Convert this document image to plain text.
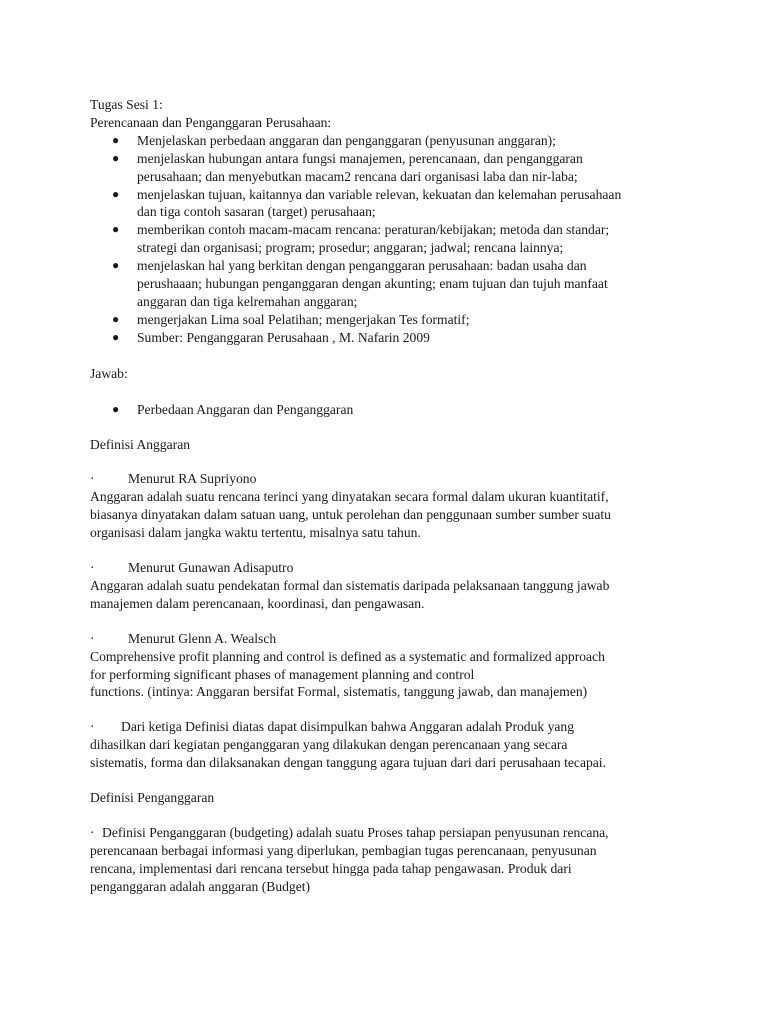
Tugas Sesi 1:
Perencanaan dan Penganggaran Perusahaan:
● Menjelaskan perbedaan anggaran dan penganggaran (penyusunan anggaran);
● menjelaskan hubungan antara fungsi manajemen, perencanaan, dan penganggaran
perusahaan; dan menyebutkan macam2 rencana dari organisasi laba dan nir-laba;
● menjelaskan tujuan, kaitannya dan variable relevan, kekuatan dan kelemahan perusahaan
dan tiga contoh sasaran (target) perusahaan;
● memberikan contoh macam-macam rencana: peraturan/kebijakan; metoda dan standar;
strategi dan organisasi; program; prosedur; anggaran; jadwal; rencana lainnya;
● menjelaskan hal yang berkitan dengan penganggaran perusahaan: badan usaha dan
perushaaan; hubungan penganggaran dengan akunting; enam tujuan dan tujuh manfaat
anggaran dan tiga kelremahan anggaran;
● mengerjakan Lima soal Pelatihan; mengerjakan Tes formatif;
● Sumber: Penganggaran Perusahaan , M. Nafarin 2009
Jawab:
● Perbedaan Anggaran dan Penganggaran
Definisi Anggaran
· Menurut RA Supriyono
Anggaran adalah suatu rencana terinci yang dinyatakan secara formal dalam ukuran kuantitatif,
biasanya dinyatakan dalam satuan uang, untuk perolehan dan penggunaan sumber sumber suatu
organisasi dalam jangka waktu tertentu, misalnya satu tahun.
· Menurut Gunawan Adisaputro
Anggaran adalah suatu pendekatan formal dan sistematis daripada pelaksanaan tanggung jawab
manajemen dalam perencanaan, koordinasi, dan pengawasan.
· Menurut Glenn A. Wealsch
Comprehensive profit planning and control is defined as a systematic and formalized approach
for performing significant phases of management planning and control
functions. (intinya: Anggaran bersifat Formal, sistematis, tanggung jawab, dan manajemen)
· Dari ketiga Definisi diatas dapat disimpulkan bahwa Anggaran adalah Produk yang
dihasilkan dari kegiatan penganggaran yang dilakukan dengan perencanaan yang secara
sistematis, forma dan dilaksanakan dengan tanggung agara tujuan dari dari perusahaan tecapai.
Definisi Penganggaran
· Definisi Penganggaran (budgeting) adalah suatu Proses tahap persiapan penyusunan rencana,
perencanaan berbagai informasi yang diperlukan, pembagian tugas perencanaan, penyusunan
rencana, implementasi dari rencana tersebut hingga pada tahap pengawasan. Produk dari
penganggaran adalah anggaran (Budget)
